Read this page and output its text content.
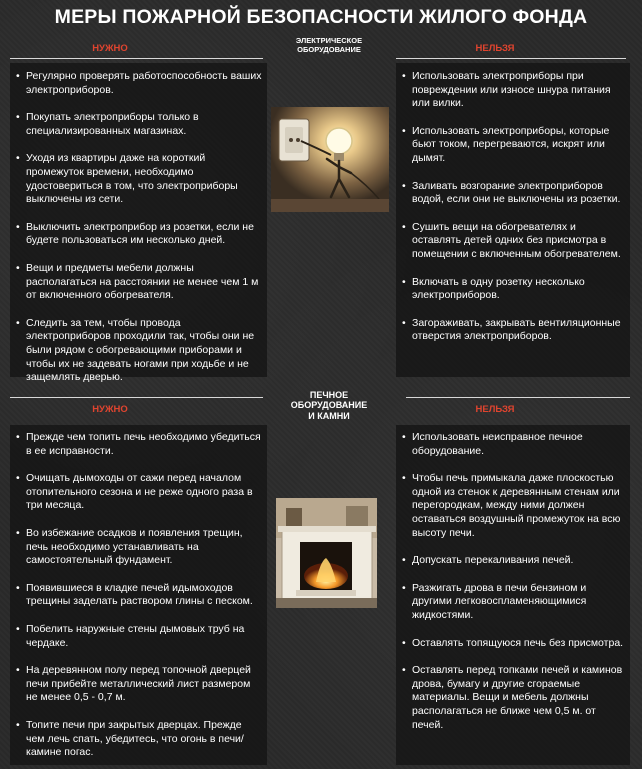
МЕРЫ ПОЖАРНОЙ БЕЗОПАСНОСТИ ЖИЛОГО ФОНДА
НУЖНО
ЭЛЕКТРИЧЕСКОЕ
ОБОРУДОВАНИЕ	НЕЛЬЗЯ
• Регулярно проверять работоспособность ваших электроприборов.
• Покупать электроприборы только в специализированных магазинах.
• Уходя из квартиры даже на короткий промежуток времени, необходимо удостовериться в том, что электроприборы выключены из сети.
• Выключить электроприбор из розетки, если не будете пользоваться им несколько дней.
• Вещи и предметы мебели должны располагаться на расстоянии не менее чем 1 м от включенного обогревателя.
• Следить за тем, чтобы провода электроприборов проходили так, чтобы они не были рядом с обогревающими приборами и чтобы их не задевать ногами при ходьбе и не защемлять дверью.
• Использовать электроприборы при повреждении или износе шнура питания или вилки.
• Использовать электроприборы, которые бьют током, перегреваются, искрят или дымят.
• Заливать возгорание электроприборов водой, если они не выключены из розетки.
• Сушить вещи на обогревателях и оставлять детей одних без присмотра в помещении с включенным обогревателем.
• Включать в одну розетку несколько электроприборов.
• Загораживать, закрывать вентиляционные отверстия электроприборов.
НУЖНО
ПЕЧНОЕ
ОБОРУДОВАНИЕ
И КАМНИ
НЕЛЬЗЯ
• Прежде чем топить печь необходимо убедиться в ее исправности.
• Очищать дымоходы от сажи перед началом отопительного сезона и не реже одного раза в три месяца.
• Во избежание осадков и появления трещин, печь необходимо устанавливать на самостоятельный фундамент.
• Появившиеся в кладке печей идымоходов трещины заделать раствором глины с песком.
• Побелить наружные стены дымовых труб на чердаке.
• На деревянном полу перед топочной дверцей печи прибейте металлический лист размером не менее 0,5 - 0,7 м.
• Топите печи при закрытых дверцах. Прежде чем лечь спать, убедитесь, что огонь в печи/камине погас.
• Использовать неисправное печное оборудование.
• Чтобы печь примыкала даже плоскостью одной из стенок к деревянным стенам или перегородкам, между ними должен оставаться воздушный промежуток на всю высоту печи.
• Допускать перекаливания печей.
• Разжигать дрова в печи бензином и другими легковоспламеняющимися жидкостями.
• Оставлять топящуюся печь без присмотра.
• Оставлять перед топками печей и каминов дрова, бумагу и другие сгораемые материалы. Вещи и мебель должны располагаться не ближе чем 0,5 м. от печей.
